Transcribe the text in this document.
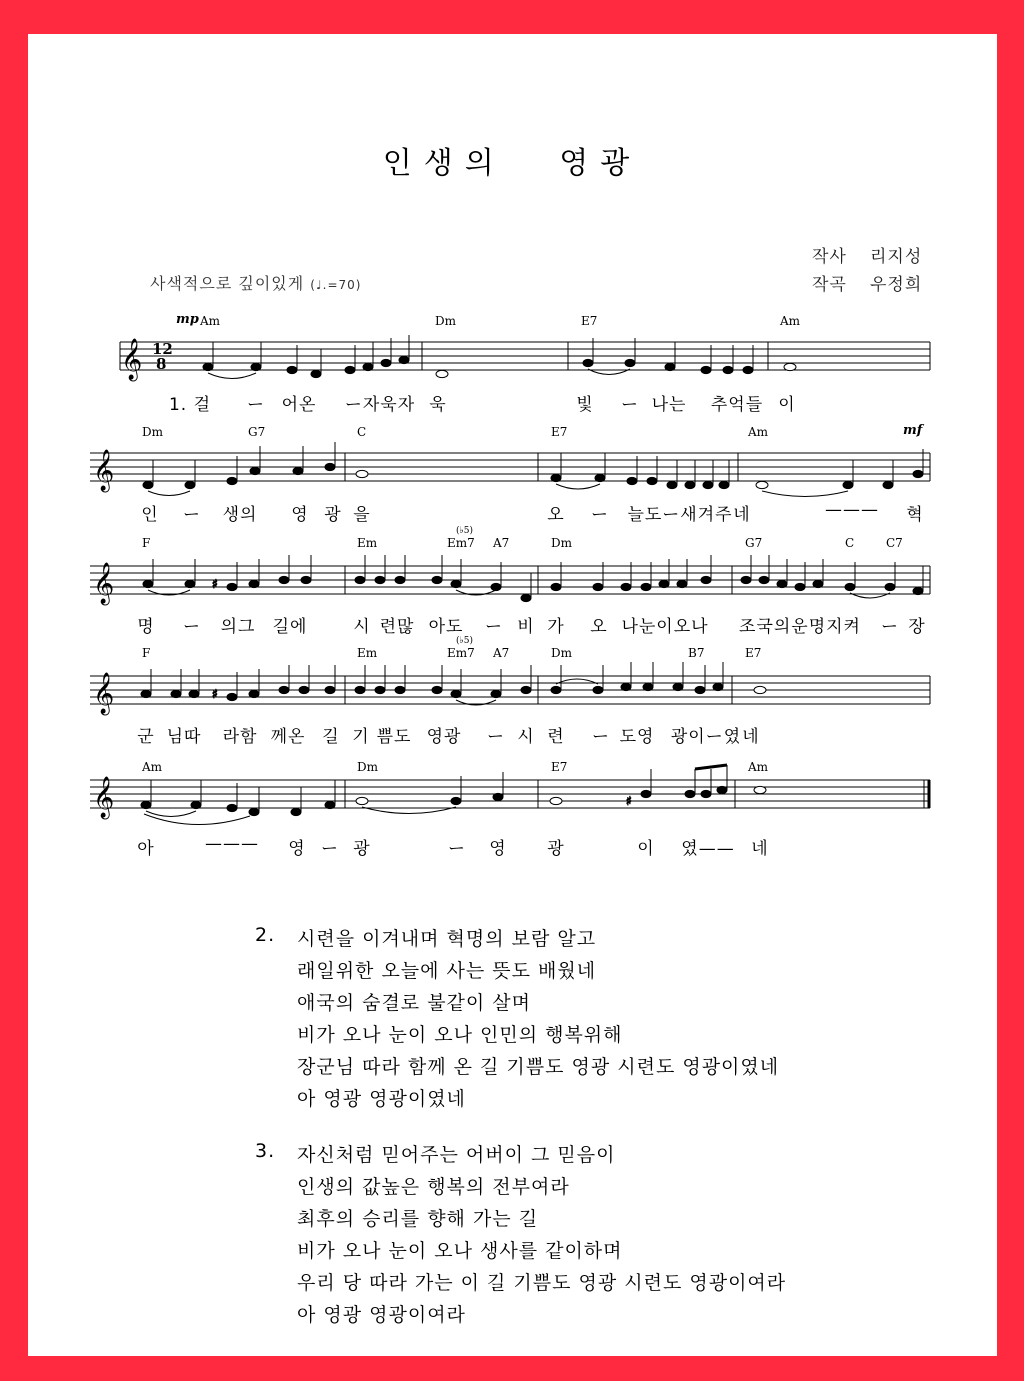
인생의 영광
작사 리지성
작곡 우정희
사색적으로 깊이있게 (♩.=70)
𝄞 12
8
mp Am	Dm	E7	Am
1. 걸 ー 어온 ー자욱자 욱	빛 ー 나는 추억들 이
𝄞
Dm	G7	C	E7	Am	mf
인 ー 생의 영 광 을	오 ー 늘도ー새겨주 네	——— 혁
𝄞	♯
F	Em	Em7
(♭5)
A7	Dm	G7	C	C7
명 ー 의그 길에	시 련많 아도 ー 비 가 오 나눈이오나 조국의운명지켜 ー 장
𝄞	♯
F	Em	Em7
(♭5)
A7	Dm	B7	E7
군 님따 라함 께온 길 기 쁨도 영광 ー 시 련 ー 도영 광이ー였 네
𝄞	♯
Am	Dm	E7	Am
아	——— 영 ー 광	ー 영 광	이 였—— 네
2. 시련을 이겨내며 혁명의 보람 알고
래일위한 오늘에 사는 뜻도 배웠네
애국의 숨결로 불같이 살며
비가 오나 눈이 오나 인민의 행복위해
장군님 따라 함께 온 길 기쁨도 영광 시련도 영광이였네
아 영광 영광이였네
3. 자신처럼 믿어주는 어버이 그 믿음이
인생의 값높은 행복의 전부여라
최후의 승리를 향해 가는 길
비가 오나 눈이 오나 생사를 같이하며
우리 당 따라 가는 이 길 기쁨도 영광 시련도 영광이여라
아 영광 영광이여라
